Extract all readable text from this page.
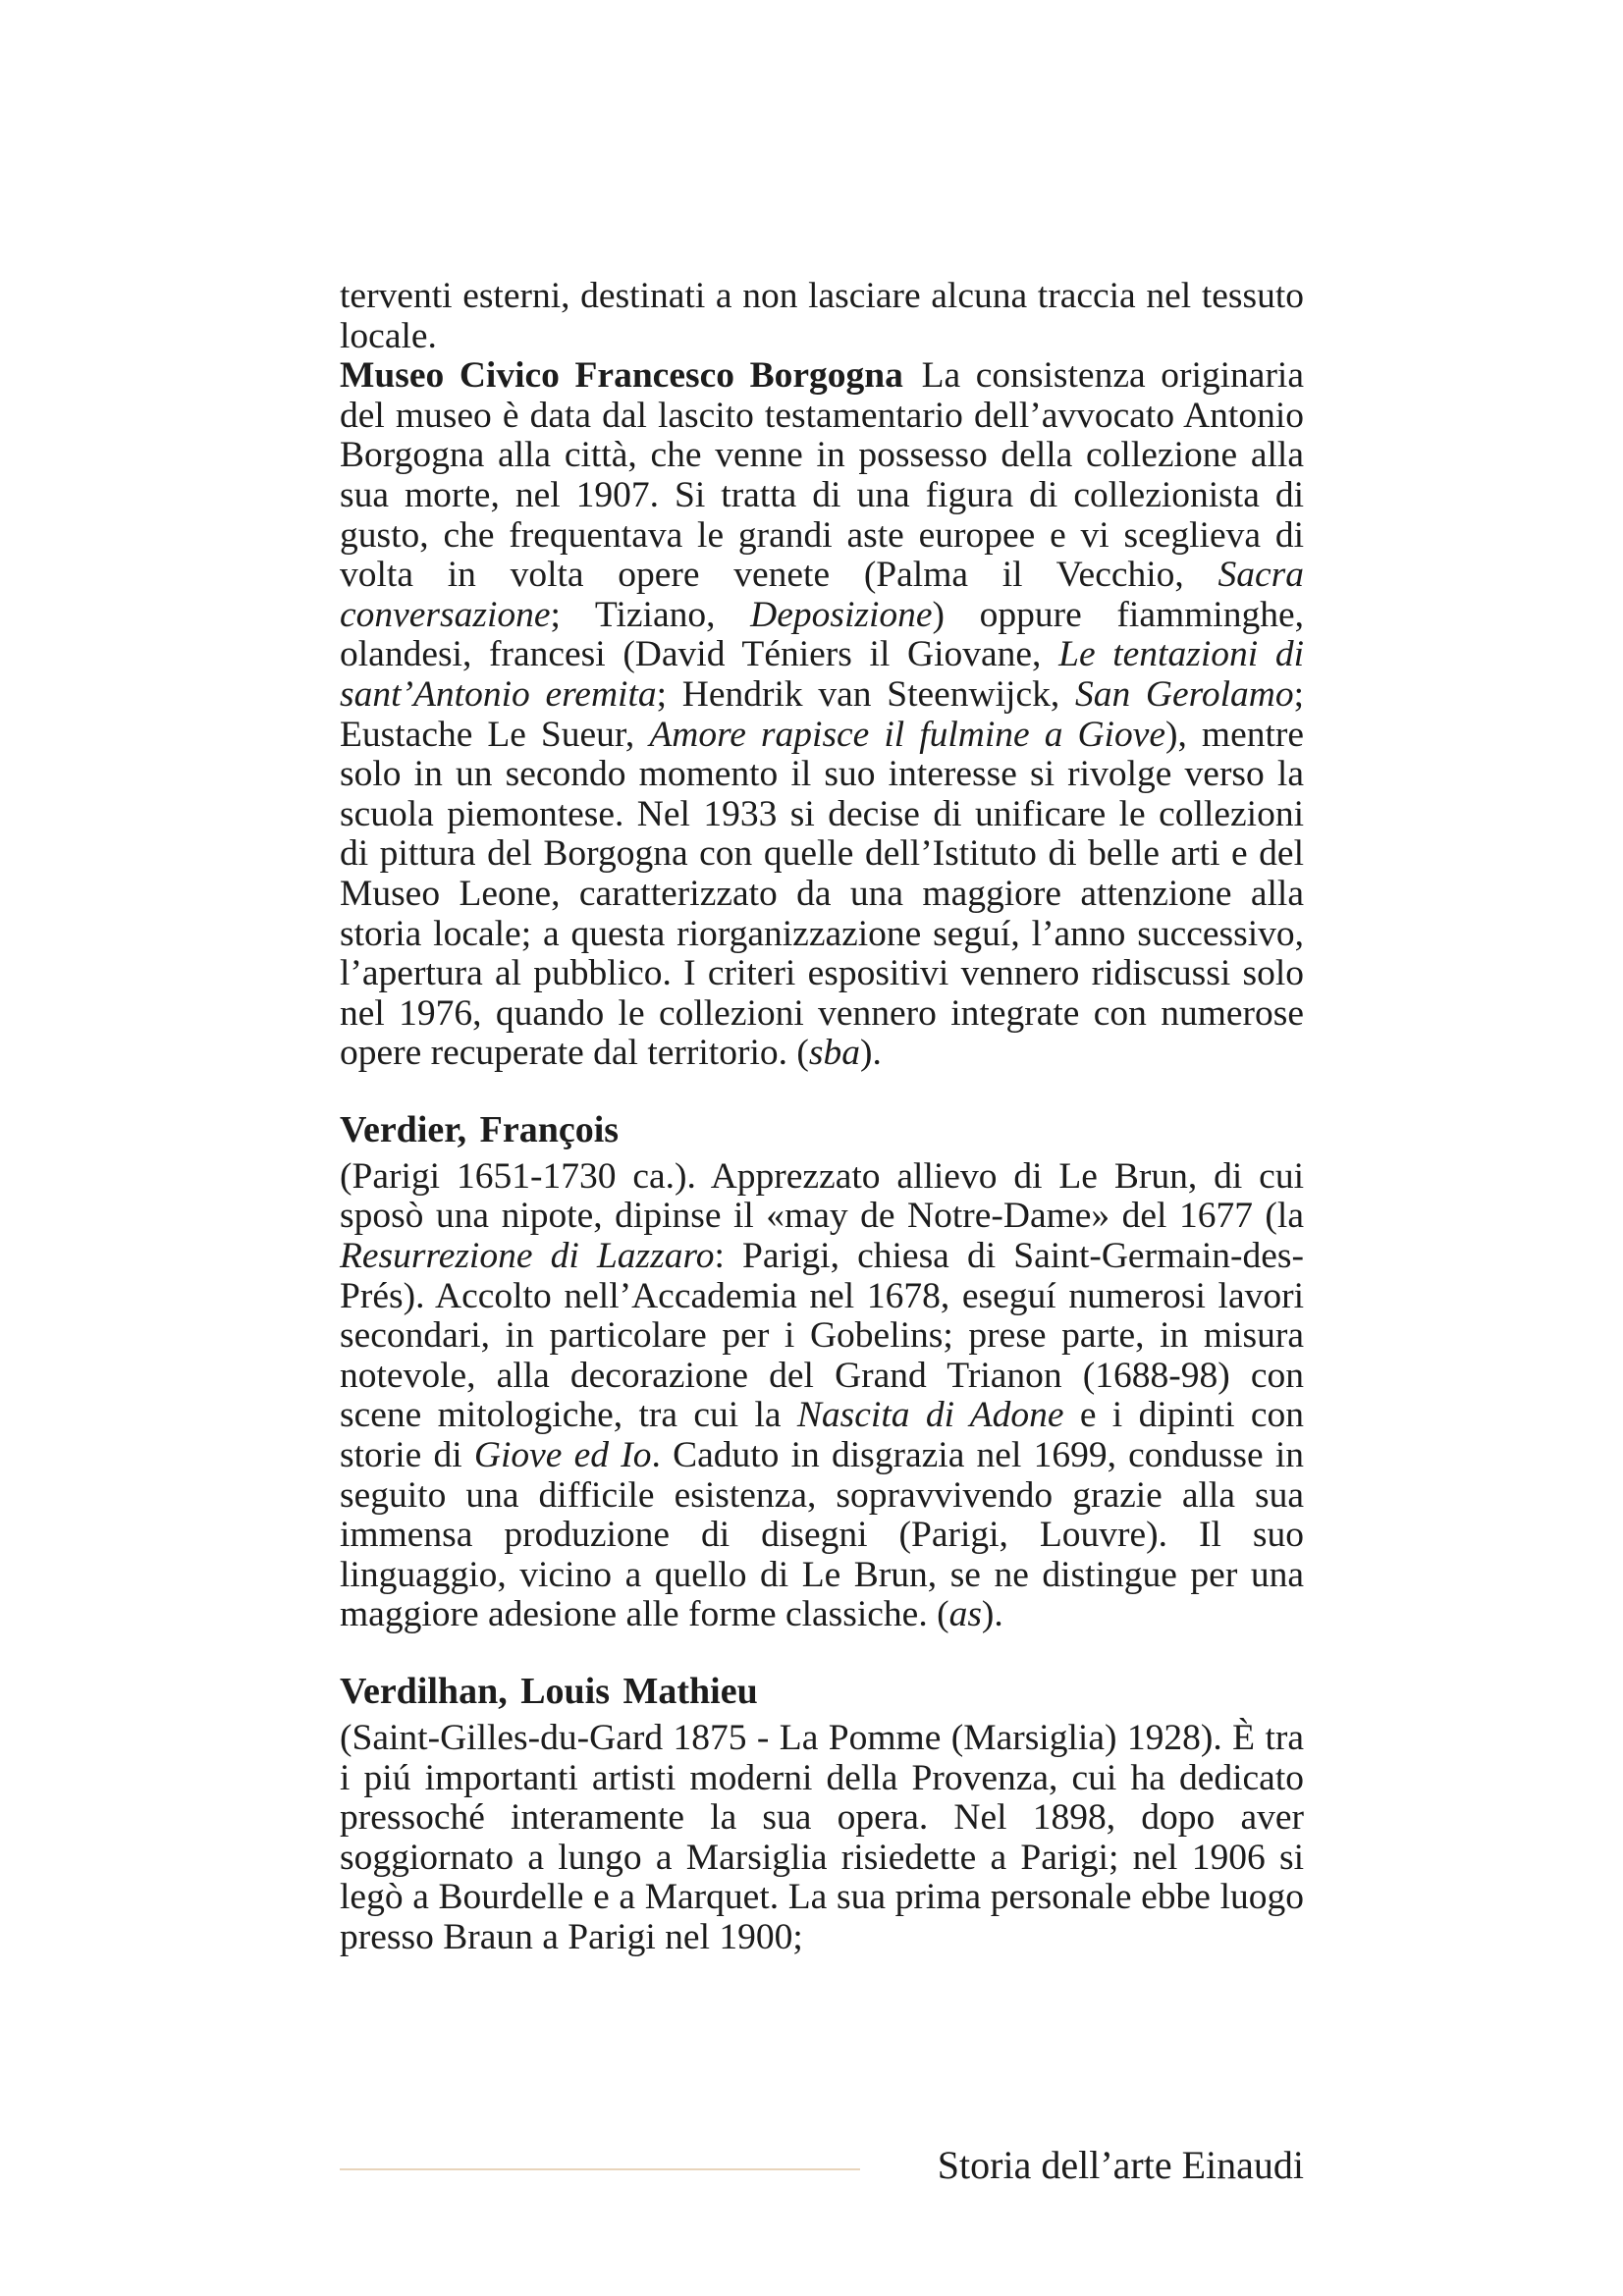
terventi esterni, destinati a non lasciare alcuna traccia nel tessuto locale.

Museo Civico Francesco Borgogna  La consistenza originaria del museo è data dal lascito testamentario dell’avvocato Antonio Borgogna alla città, che venne in possesso della collezione alla sua morte, nel 1907. Si tratta di una figura di collezionista di gusto, che frequentava le grandi aste europee e vi sceglieva di volta in volta opere venete (Palma il Vecchio, Sacra conversazione; Tiziano, Deposizione) oppure fiamminghe, olandesi, francesi (David Téniers il Giovane, Le tentazioni di sant’Antonio eremita; Hendrik van Steenwijck, San Gerolamo; Eustache Le Sueur, Amore rapisce il fulmine a Giove), mentre solo in un secondo momento il suo interesse si rivolge verso la scuola piemontese. Nel 1933 si decise di unificare le collezioni di pittura del Borgogna con quelle dell’Istituto di belle arti e del Museo Leone, caratterizzato da una maggiore attenzione alla storia locale; a questa riorganizzazione seguí, l’anno successivo, l’apertura al pubblico. I criteri espositivi vennero ridiscussi solo nel 1976, quando le collezioni vennero integrate con numerose opere recuperate dal territorio. (sba).

Verdier, François

(Parigi 1651-1730 ca.). Apprezzato allievo di Le Brun, di cui sposò una nipote, dipinse il «may de Notre-Dame» del 1677 (la Resurrezione di Lazzaro: Parigi, chiesa di Saint-Germain-des-Prés). Accolto nell’Accademia nel 1678, eseguí numerosi lavori secondari, in particolare per i Gobelins; prese parte, in misura notevole, alla decorazione del Grand Trianon (1688-98) con scene mitologiche, tra cui la Nascita di Adone e i dipinti con storie di Giove ed Io. Caduto in disgrazia nel 1699, condusse in seguito una difficile esistenza, sopravvivendo grazie alla sua immensa produzione di disegni (Parigi, Louvre). Il suo linguaggio, vicino a quello di Le Brun, se ne distingue per una maggiore adesione alle forme classiche. (as).

Verdilhan, Louis Mathieu

(Saint-Gilles-du-Gard 1875 - La Pomme (Marsiglia) 1928). È tra i piú importanti artisti moderni della Provenza, cui ha dedicato pressoché interamente la sua opera. Nel 1898, dopo aver soggiornato a lungo a Marsiglia risiedette a Parigi; nel 1906 si legò a Bourdelle e a Marquet. La sua prima personale ebbe luogo presso Braun a Parigi nel 1900;

Storia dell’arte Einaudi
